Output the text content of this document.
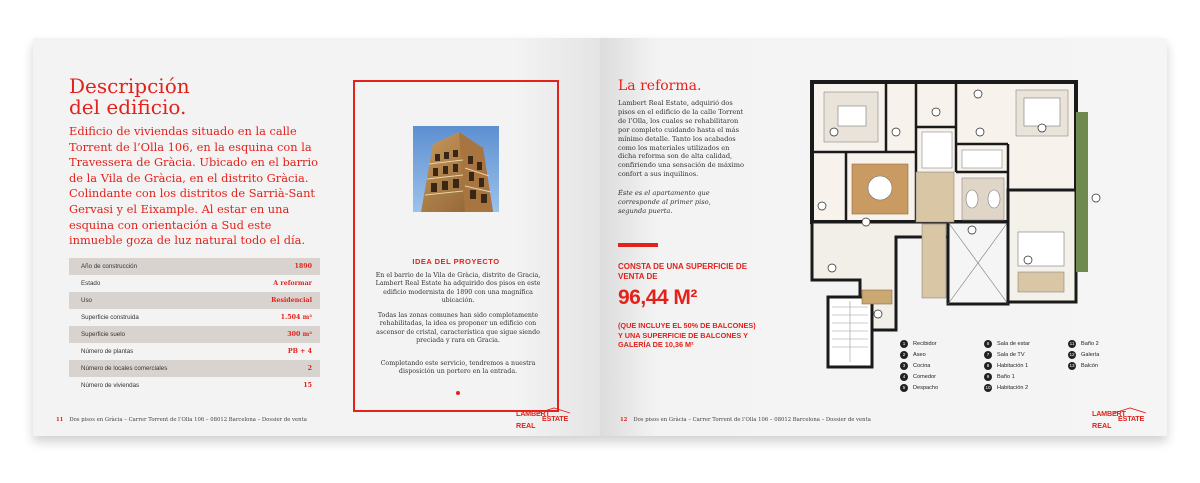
Descripción
del edificio.
Edificio de viviendas situado en la calle Torrent de l’Olla 106, en la esquina con la Travessera de Gràcia. Ubicado en el barrio de la Vila de Gràcia, en el distrito Gràcia. Colindante con los distritos de Sarrià-Sant Gervasi y el Eixample. Al estar en una esquina con orientación a Sud este inmueble goza de luz natural todo el día.
Año de construcción	1890
Estado	A reformar
Uso	Residencial
Superficie construida	1.504 m²
Superficie suelo	300 m²
Número de plantas	PB + 4
Número de locales comerciales	2
Número de viviendas	15
IDEA DEL PROYECTO
En el barrio de la Vila de Gràcia, distrito de Gracia, Lambert Real Estate ha adquirido dos pisos en este edificio modernista de 1890 con una magnífica ubicación.
Todas las zonas comunes han sido completamente rehabilitadas, la idea es proponer un edificio con ascensor de cristal, característica que sigue siendo preciada y rara en Gracia.
Completando este servicio, tendremos a nuestra disposición un portero en la entrada.
11 Dos pisos en Gràcia – Carrer Torrent de l’Olla 106 – 08012 Barcelona – Dossier de venta
LAMBERT
ESTATE
REAL
La reforma.
Lambert Real Estate, adquirió dos pisos en el edificio de la calle Torrent de l’Olla, los cuales se rehabilitaron por completo cuidando hasta el más mínimo detalle. Tanto los acabados como los materiales utilizados en dicha reforma son de alta calidad, confiriendo una sensación de máximo confort a sus inquilinos.
Éste es el apartamento que corresponde al primer piso, segunda puerta.
CONSTA DE UNA SUPERFICIE DE VENTA DE
96,44 M²
(QUE INCLUYE EL 50% DE BALCONES) Y UNA SUPERFICIE DE BALCONES Y GALERÍA DE 10,36 M²	1	Recibidor
2	Aseo
3	Cocina
4	Comedor
5	Despacho
6	Sala de estar
7	Sala de TV
8	Habitación 1
9	Baño 1
10 Habitación 2
11 Baño 2
12 Galería
13 Balcón
12 Dos pisos en Gràcia – Carrer Torrent de l’Olla 106 – 08012 Barcelona – Dossier de venta
LAMBERT
ESTATE
REAL
